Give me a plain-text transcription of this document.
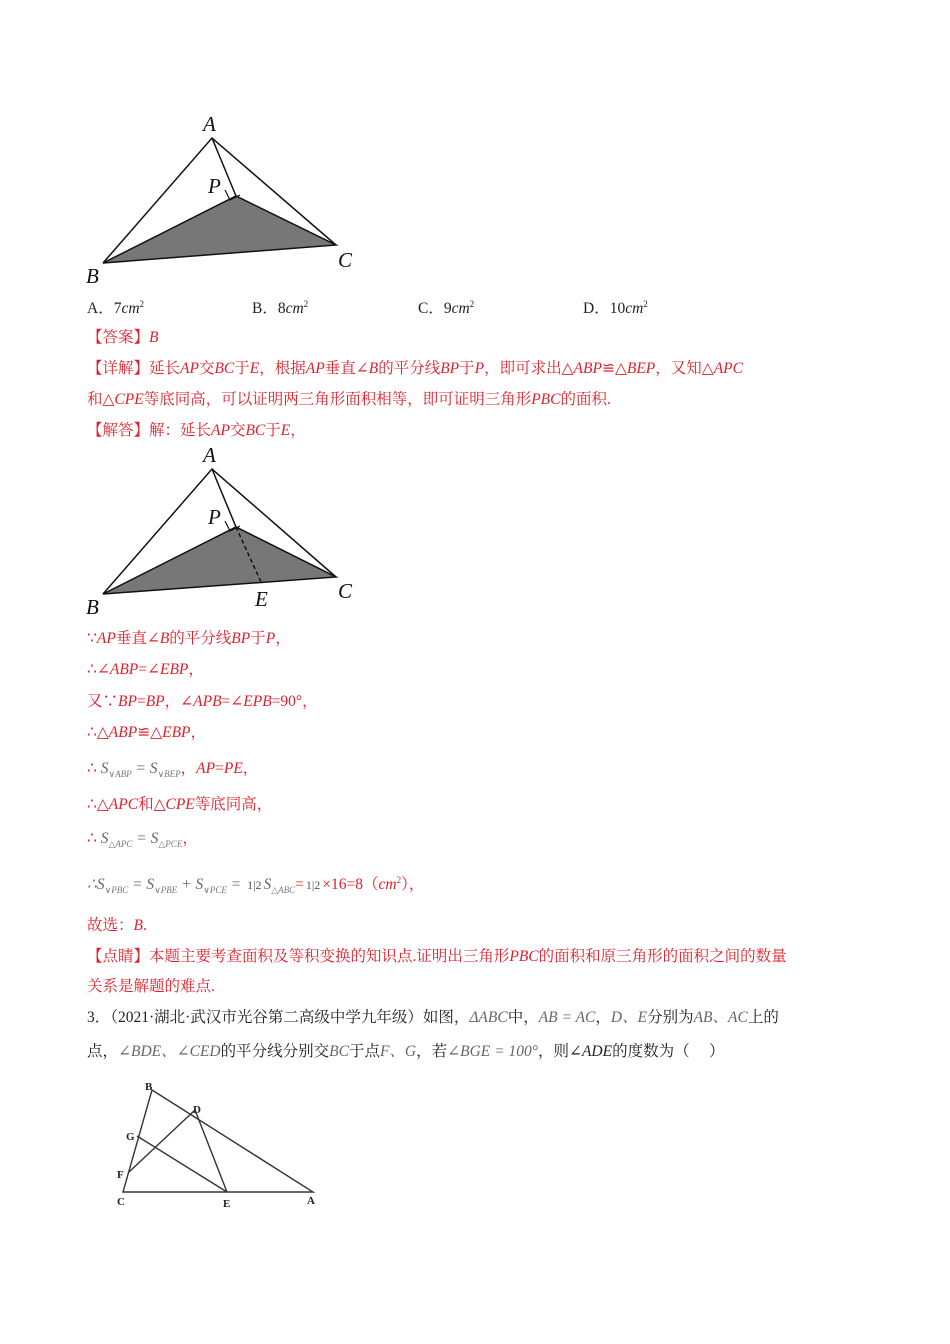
A
P
B
C
A
P
B
C
E
B
D
G
F
C	E	A
A．$7cm^2$	B．$8cm^2$	C．$9cm^2$	D．$10cm^2$
【答案】B
【详解】延长AP交BC于E，根据AP垂直∠B的平分线BP于P，即可求出△ABP≌△BEP，又知△APC
和△CPE等底同高，可以证明两三角形面积相等，即可证明三角形PBC的面积.
【解答】解：延长AP交BC于E，
∵AP垂直∠B的平分线BP于P，
∴∠ABP=∠EBP，
又∵BP=BP，∠APB=∠EPB=90°，
∴△ABP≌△EBP，
∴ $S_{\vee ABP} = S_{\vee BEP}$，AP=PE，
∴△APC和△CPE等底同高，
∴ $S_{\triangle APC} = S_{\triangle PCE}$，
$\therefore S_{\vee PBC} = S_{\vee PBE} + S_{\vee PCE} = 1|2$ $S_{\triangle ABC}= 1|2 \times 16=8(cm^2)$，
故选：B.
【点睛】本题主要考查面积及等积变换的知识点.证明出三角形PBC的面积和原三角形的面积之间的数量
关系是解题的难点.
3．（2021·湖北·武汉市光谷第二高级中学九年级）如图，ΔABC中，AB = AC，D、E分别为AB、AC上的
点，∠BDE、∠CED的平分线分别交BC于点F、G，若∠BGE = 100°，则∠ADE的度数为（　 ）
